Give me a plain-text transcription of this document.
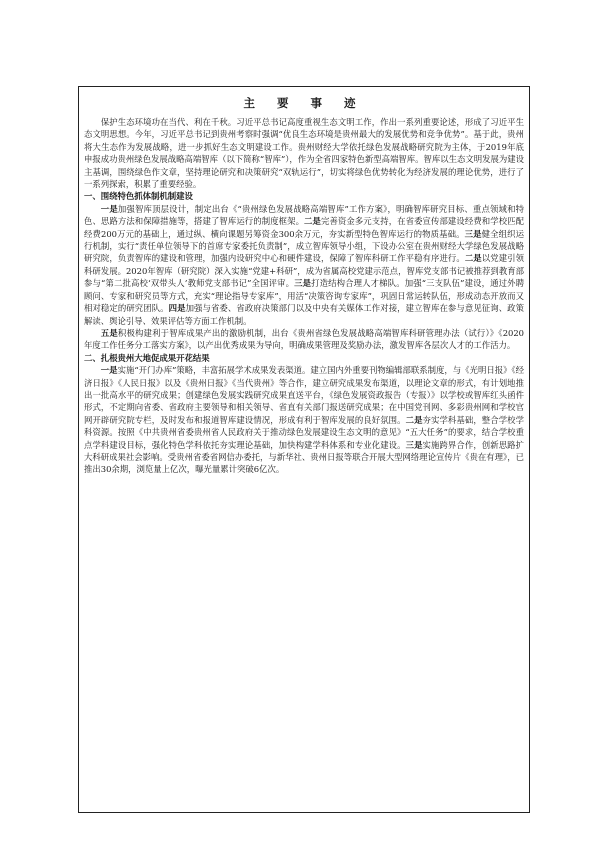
主 要 事 迹

保护生态环境功在当代、利在千秋。习近平总书记高度重视生态文明工作，作出一系列重要论述，形成了习近平生态文明思想。今年，习近平总书记到贵州考察时强调“优良生态环境是贵州最大的发展优势和竞争优势”。基于此，贵州将大生态作为发展战略，进一步抓好生态文明建设工作。贵州财经大学依托绿色发展战略研究院为主体，于2019年底申报成功贵州绿色发展战略高端智库（以下简称“智库”），作为全省四家特色新型高端智库。智库以生态文明发展为建设主基调，围绕绿色作文章，坚持理论研究和决策研究“双轨运行”，切实将绿色优势转化为经济发展的理论优势，进行了一系列探索，积累了重要经验。

一、围绕特色抓体制机制建设

一是加强智库顶层设计，制定出台《“贵州绿色发展战略高端智库”工作方案》，明确智库研究目标、重点领域和特色、思路方法和保障措施等，搭建了智库运行的制度框架。二是完善资金多元支持，在省委宣传部建设经费和学校匹配经费200万元的基础上，通过纵、横向课题另筹资金300余万元，夯实新型特色智库运行的物质基础。三是健全组织运行机制，实行“责任单位领导下的首席专家委托负责制”，成立智库领导小组，下设办公室在贵州财经大学绿色发展战略研究院，负责智库的建设和管理，加强内设研究中心和硬件建设，保障了智库科研工作平稳有序进行。二是以党建引领科研发展。2020年智库（研究院）深入实施“党建+科研”，成为省属高校党建示范点，智库党支部书记被推荐到教育部参与“第二批高校‘双带头人’教师党支部书记”全国评审。三是打造结构合理人才梯队。加强“三支队伍”建设，通过外聘顾问、专家和研究员等方式，充实“理论指导专家库”，用活“决策咨询专家库”，巩固日常运转队伍，形成动态开放而又相对稳定的研究团队。四是加强与省委、省政府决策部门以及中央有关媒体工作对接，建立智库在参与意见征询、政策解读、舆论引导、效果评估等方面工作机制。

五是积极构建利于智库成果产出的激励机制，出台《贵州省绿色发展战略高端智库科研管理办法（试行）》《2020年度工作任务分工落实方案》，以产出优秀成果为导向，明确成果管理及奖励办法，激发智库各层次人才的工作活力。

二、扎根贵州大地促成果开花结果

一是实施“开门办库”策略，丰富拓展学术成果发表渠道。建立国内外重要刊物编辑部联系制度，与《光明日报》《经济日报》《人民日报》以及《贵州日报》《当代贵州》等合作，建立研究成果发布渠道，以理论文章的形式，有计划地推出一批高水平的研究成果；创建绿色发展实践研究成果直送平台，《绿色发展资政报告（专报）》以学校或智库红头函件形式，不定期向省委、省政府主要领导和相关领导、省直有关部门报送研究成果；在中国党刊网、多彩贵州网和学校官网开辟研究院专栏，及时发布和报道智库建设情况，形成有利于智库发展的良好氛围。二是夯实学科基础，整合学校学科资源。按照《中共贵州省委贵州省人民政府关于推动绿色发展建设生态文明的意见》“五大任务”的要求，结合学校重点学科建设目标，强化特色学科依托夯实理论基础，加快构建学科体系和专业化建设。三是实施跨界合作，创新思路扩大科研成果社会影响。受贵州省委省网信办委托，与新华社、贵州日报等联合开展大型网络理论宣传片《贵在有理》，已推出30余期，浏览量上亿次，曝光量累计突破6亿次。
